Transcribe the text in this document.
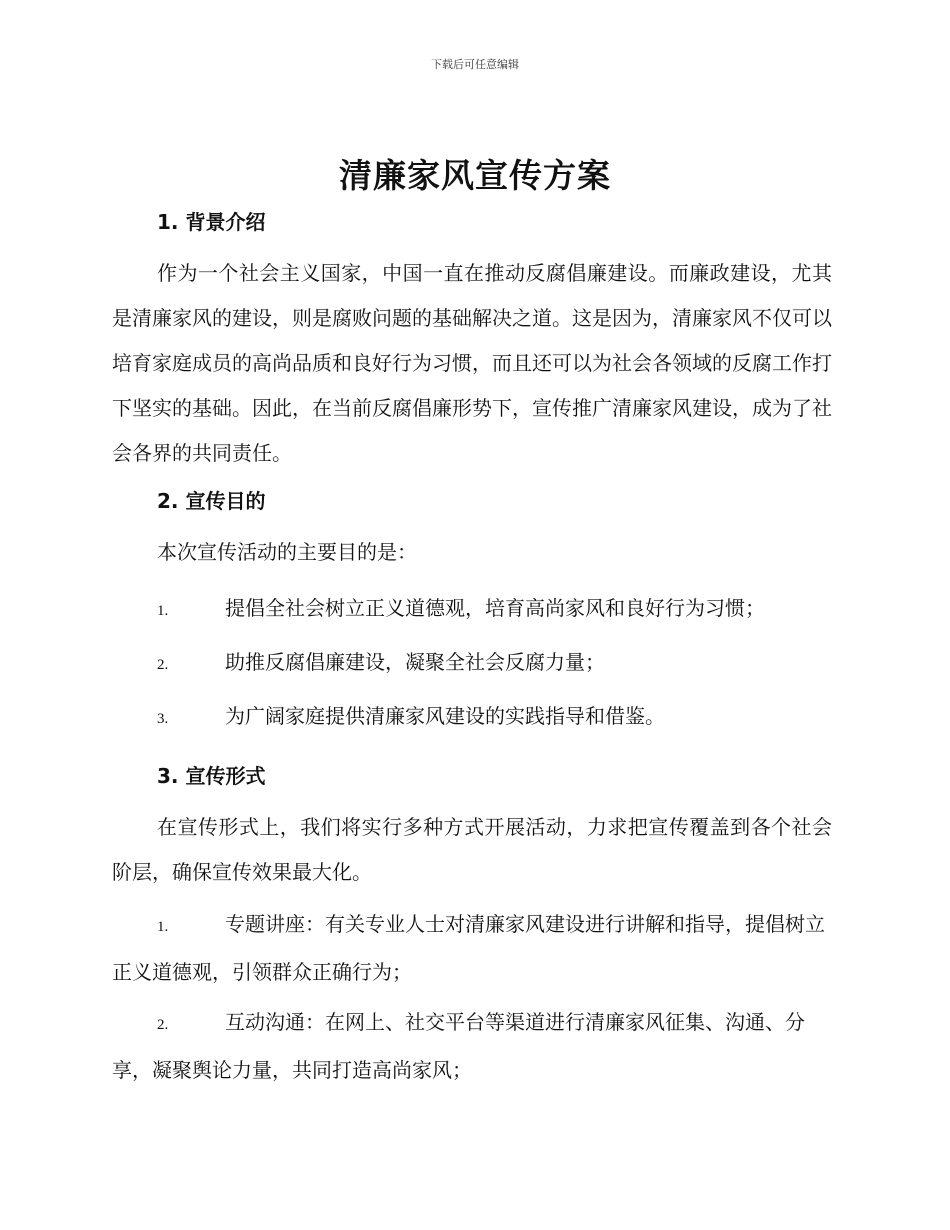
下载后可任意编辑
清廉家风宣传方案
1. 背景介绍

作为一个社会主义国家，中国一直在推动反腐倡廉建设。而廉政建设，尤其是清廉家风的建设，则是腐败问题的基础解决之道。这是因为，清廉家风不仅可以培育家庭成员的高尚品质和良好行为习惯，而且还可以为社会各领域的反腐工作打下坚实的基础。因此，在当前反腐倡廉形势下，宣传推广清廉家风建设，成为了社会各界的共同责任。

2. 宣传目的

本次宣传活动的主要目的是：

1.	提倡全社会树立正义道德观，培育高尚家风和良好行为习惯；
2.	助推反腐倡廉建设，凝聚全社会反腐力量；
3.	为广阔家庭提供清廉家风建设的实践指导和借鉴。
3. 宣传形式

在宣传形式上，我们将实行多种方式开展活动，力求把宣传覆盖到各个社会阶层，确保宣传效果最大化。

1.	专题讲座：有关专业人士对清廉家风建设进行讲解和指导，提倡树立正义道德观，引领群众正确行为；
2.	互动沟通：在网上、社交平台等渠道进行清廉家风征集、沟通、分享，凝聚舆论力量，共同打造高尚家风；
